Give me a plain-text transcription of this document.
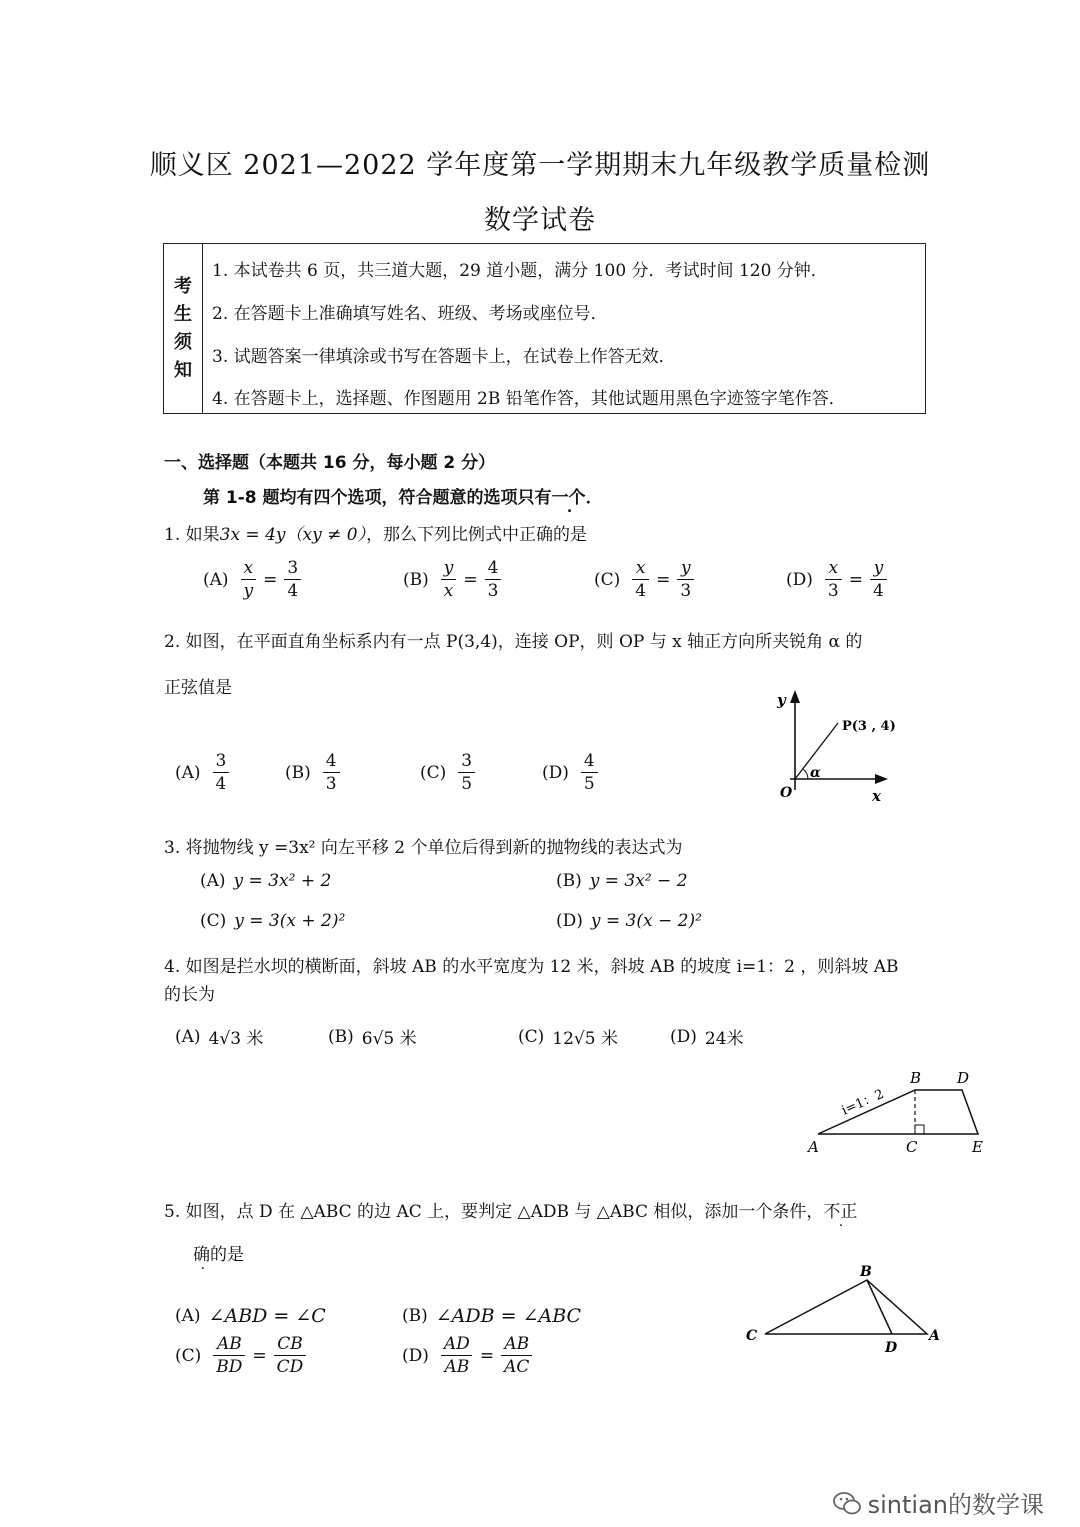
顺义区 2021—2022 学年度第一学期期末九年级教学质量检测
数学试卷
考
生
须
知
1. 本试卷共 6 页，共三道大题，29 道小题，满分 100 分．考试时间 120 分钟．
2. 在答题卡上准确填写姓名、班级、考场或座位号．
3. 试题答案一律填涂或书写在答题卡上，在试卷上作答无效．
4. 在答题卡上，选择题、作图题用 2B 铅笔作答，其他试题用黑色字迹签字笔作答．
一、选择题（本题共 16 分，每小题 2 分）
第 1-8 题均有四个选项，符合题意的选项只有一个．
1. 如果3x = 4y（xy ≠ 0），那么下列比例式中正确的是
$(A) \frac{x}{y} = \frac{3}{4}$	$(B) \frac{y}{x} = \frac{4}{3}$	$(C) \frac{x}{4} = \frac{y}{3}$	$(D) \frac{x}{3} = \frac{y}{4}$
2. 如图，在平面直角坐标系内有一点 P(3,4)，连接 OP，则 OP 与 x 轴正方向所夹锐角 α 的
正弦值是
$(A) \frac{3}{4}$	$(B) \frac{4}{3}$	$(C) \frac{3}{5}$	$(D) \frac{4}{5}$
y
x
O
P(3 , 4)
α
3. 将抛物线 y =3x² 向左平移 2 个单位后得到新的抛物线的表达式为
(A) y = 3x² + 2	(B) y = 3x² − 2
(C) y = 3(x + 2)²	(D) y = 3(x − 2)²
4. 如图是拦水坝的横断面，斜坡 AB 的水平宽度为 12 米，斜坡 AB 的坡度 i=1：2 ，则斜坡 AB
的长为
(A) 4√3 米	(B) 6√5 米	(C) 12√5 米	(D) 24米
A
B
C
D
E
i=1：2
5. 如图，点 D 在 △ABC 的边 AC 上，要判定 △ADB 与 △ABC 相似，添加一个条件，不正
确的是
(A) ∠ABD = ∠C	(B) ∠ADB = ∠ABC
$(C) \frac{AB}{BD} = \frac{CB}{CD}$	$(D) \frac{AD}{AB} = \frac{AB}{AC}$
B
C
D
A
sintian的数学课
